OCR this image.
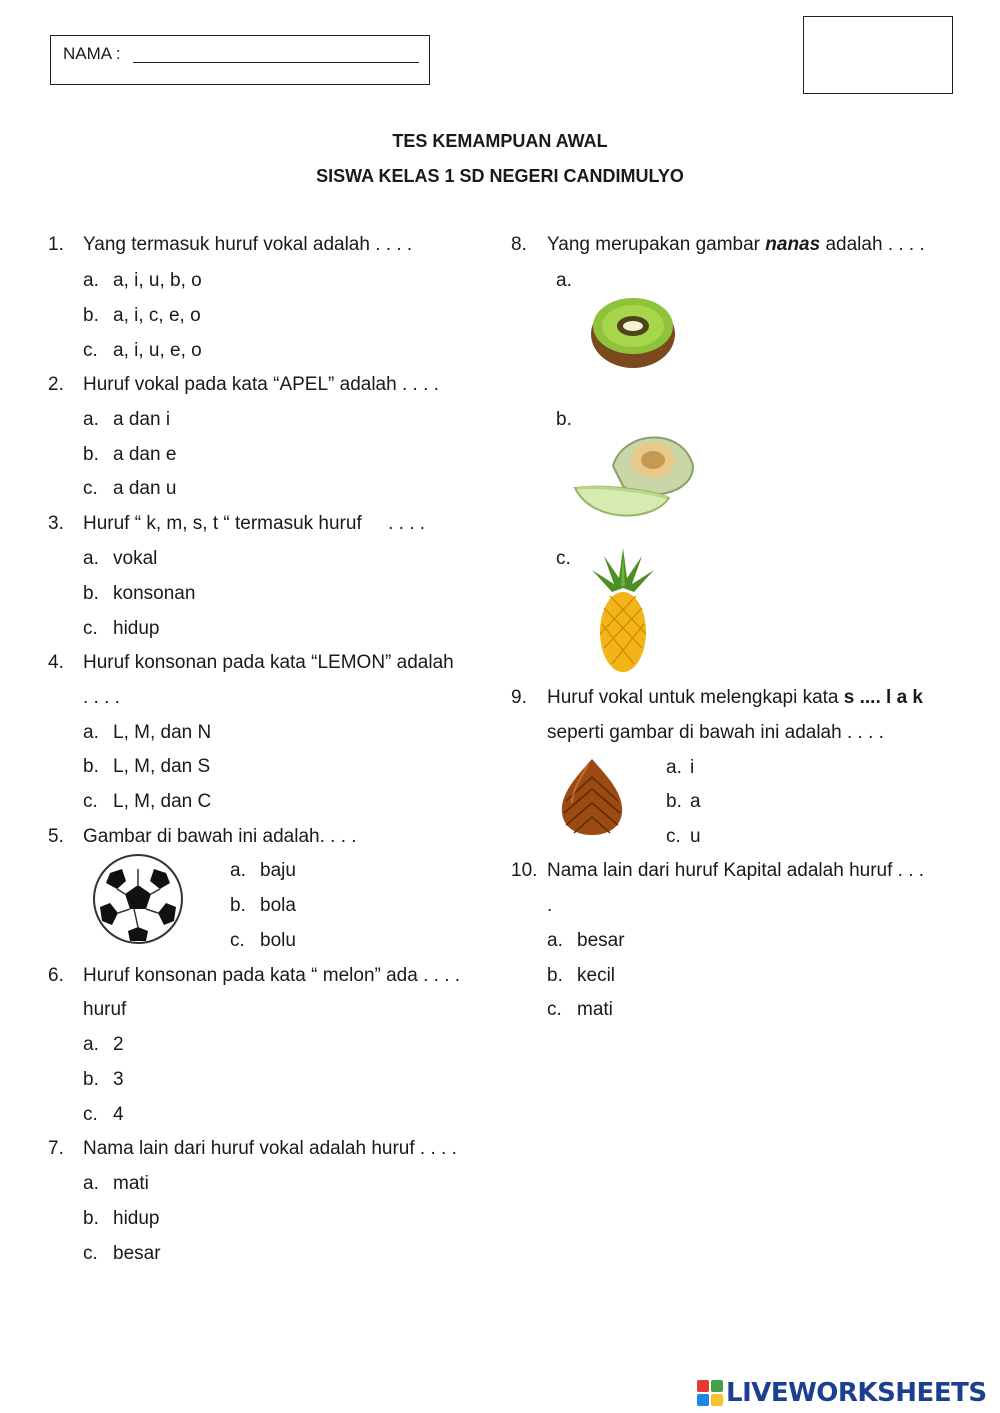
NAMA :
TES KEMAMPUAN AWAL
SISWA KELAS 1 SD NEGERI CANDIMULYO
1.	Yang termasuk huruf vokal adalah . . . .
a. a, i, u, b, o
b. a, i, c, e, o
c. a, i, u, e, o
2.	Huruf vokal pada kata “APEL” adalah . . . .
a. a dan i
b. a dan e
c. a dan u
3.	Huruf “ k, m, s, t “ termasuk huruf     . . . .
a. vokal
b. konsonan
c. hidup
4.	Huruf konsonan pada kata “LEMON” adalah
. . . .
a. L, M, dan N
b. L, M, dan S
c. L, M, dan C
5.	Gambar di bawah ini adalah. . . .
a. baju
b. bola
c. bolu
6.	Huruf konsonan pada kata “ melon” ada . . . .
huruf
a. 2
b. 3
c. 4
7.	Nama lain dari huruf vokal adalah huruf . . . .
a. mati
b. hidup
c. besar
8.	Yang merupakan gambar nanas adalah . . . .
a.
b.
c.
9.	Huruf vokal untuk melengkapi kata s .... l a k
seperti gambar di bawah ini adalah . . . .
a. i
b. a
c. u
10. Nama lain dari huruf Kapital adalah huruf . . .
.
a. besar
b. kecil
c. mati
LIVEWORKSHEETS
